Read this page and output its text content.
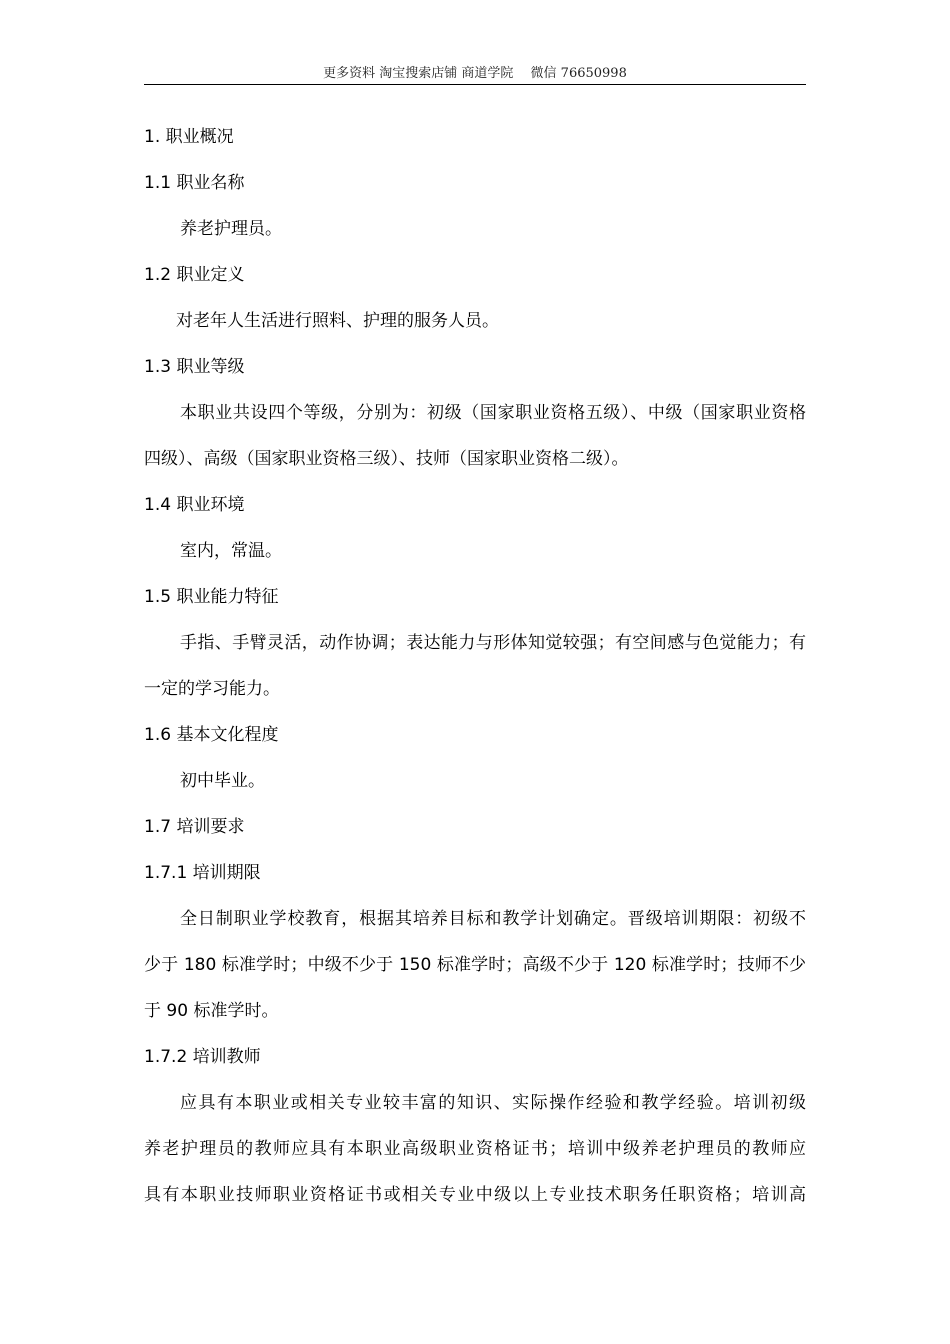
更多资料 淘宝搜索店铺 商道学院　 微信 76650998
1. 职业概况
1.1 职业名称
养老护理员。
1.2 职业定义
对老年人生活进行照料、护理的服务人员。
1.3 职业等级
本职业共设四个等级，分别为：初级（国家职业资格五级）、中级（国家职业资格
四级）、高级（国家职业资格三级）、技师（国家职业资格二级）。
1.4 职业环境
室内，常温。
1.5 职业能力特征
手指、手臂灵活，动作协调；表达能力与形体知觉较强；有空间感与色觉能力；有
一定的学习能力。
1.6 基本文化程度
初中毕业。
1.7 培训要求
1.7.1 培训期限
全日制职业学校教育，根据其培养目标和教学计划确定。晋级培训期限：初级不
少于 180 标准学时；中级不少于 150 标准学时；高级不少于 120 标准学时；技师不少
于 90 标准学时。
1.7.2 培训教师
应具有本职业或相关专业较丰富的知识、实际操作经验和教学经验。培训初级
养老护理员的教师应具有本职业高级职业资格证书；培训中级养老护理员的教师应
具有本职业技师职业资格证书或相关专业中级以上专业技术职务任职资格；培训高
